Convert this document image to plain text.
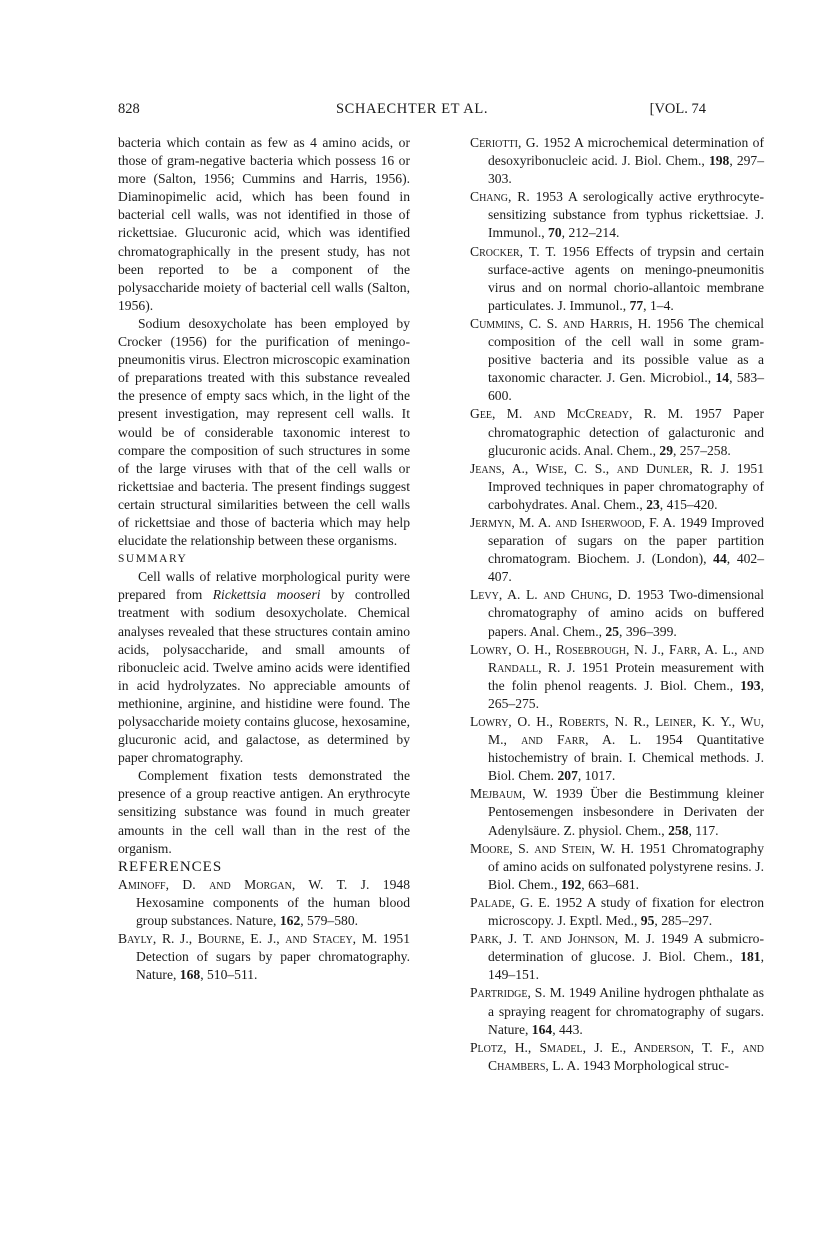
828	SCHAECHTER ET AL.	[VOL. 74

bacteria which contain as few as 4 amino acids, or those of gram-negative bacteria which possess 16 or more (Salton, 1956; Cummins and Harris, 1956). Diaminopimelic acid, which has been found in bacterial cell walls, was not identified in those of rickettsiae. Glucuronic acid, which was identified chromatographically in the present study, has not been reported to be a component of the polysaccharide moiety of bacterial cell walls (Salton, 1956).

Sodium desoxycholate has been employed by Crocker (1956) for the purification of meningo-pneumonitis virus. Electron microscopic examination of preparations treated with this substance revealed the presence of empty sacs which, in the light of the present investigation, may represent cell walls. It would be of considerable taxonomic interest to compare the composition of such structures in some of the large viruses with that of the cell walls or rickettsiae and bacteria. The present findings suggest certain structural similarities between the cell walls of rickettsiae and those of bacteria which may help elucidate the relationship between these organisms.

SUMMARY

Cell walls of relative morphological purity were prepared from Rickettsia mooseri by controlled treatment with sodium desoxycholate. Chemical analyses revealed that these structures contain amino acids, polysaccharide, and small amounts of ribonucleic acid. Twelve amino acids were identified in acid hydrolyzates. No appreciable amounts of methionine, arginine, and histidine were found. The polysaccharide moiety contains glucose, hexosamine, glucuronic acid, and galactose, as determined by paper chromatography.

Complement fixation tests demonstrated the presence of a group reactive antigen. An erythrocyte sensitizing substance was found in much greater amounts in the cell wall than in the rest of the organism.

REFERENCES

Aminoff, D. and Morgan, W. T. J. 1948 Hexosamine components of the human blood group substances. Nature, 162, 579–580.

Bayly, R. J., Bourne, E. J., and Stacey, M. 1951 Detection of sugars by paper chromatography. Nature, 168, 510–511.

Ceriotti, G. 1952 A microchemical determination of desoxyribonucleic acid. J. Biol. Chem., 198, 297–303.

Chang, R. 1953 A serologically active erythrocyte-sensitizing substance from typhus rickettsiae. J. Immunol., 70, 212–214.

Crocker, T. T. 1956 Effects of trypsin and certain surface-active agents on meningo-pneumonitis virus and on normal chorio-allantoic membrane particulates. J. Immunol., 77, 1–4.

Cummins, C. S. and Harris, H. 1956 The chemical composition of the cell wall in some gram-positive bacteria and its possible value as a taxonomic character. J. Gen. Microbiol., 14, 583–600.

Gee, M. and McCready, R. M. 1957 Paper chromatographic detection of galacturonic and glucuronic acids. Anal. Chem., 29, 257–258.

Jeans, A., Wise, C. S., and Dunler, R. J. 1951 Improved techniques in paper chromatography of carbohydrates. Anal. Chem., 23, 415–420.

Jermyn, M. A. and Isherwood, F. A. 1949 Improved separation of sugars on the paper partition chromatogram. Biochem. J. (London), 44, 402–407.

Levy, A. L. and Chung, D. 1953 Two-dimensional chromatography of amino acids on buffered papers. Anal. Chem., 25, 396–399.

Lowry, O. H., Rosebrough, N. J., Farr, A. L., and Randall, R. J. 1951 Protein measurement with the folin phenol reagents. J. Biol. Chem., 193, 265–275.

Lowry, O. H., Roberts, N. R., Leiner, K. Y., Wu, M., and Farr, A. L. 1954 Quantitative histochemistry of brain. I. Chemical methods. J. Biol. Chem. 207, 1017.

Mejbaum, W. 1939 Über die Bestimmung kleiner Pentosemengen insbesondere in Derivaten der Adenylsäure. Z. physiol. Chem., 258, 117.

Moore, S. and Stein, W. H. 1951 Chromatography of amino acids on sulfonated polystyrene resins. J. Biol. Chem., 192, 663–681.

Palade, G. E. 1952 A study of fixation for electron microscopy. J. Exptl. Med., 95, 285–297.

Park, J. T. and Johnson, M. J. 1949 A submicro-determination of glucose. J. Biol. Chem., 181, 149–151.

Partridge, S. M. 1949 Aniline hydrogen phthalate as a spraying reagent for chromatography of sugars. Nature, 164, 443.

Plotz, H., Smadel, J. E., Anderson, T. F., and Chambers, L. A. 1943 Morphological struc-
